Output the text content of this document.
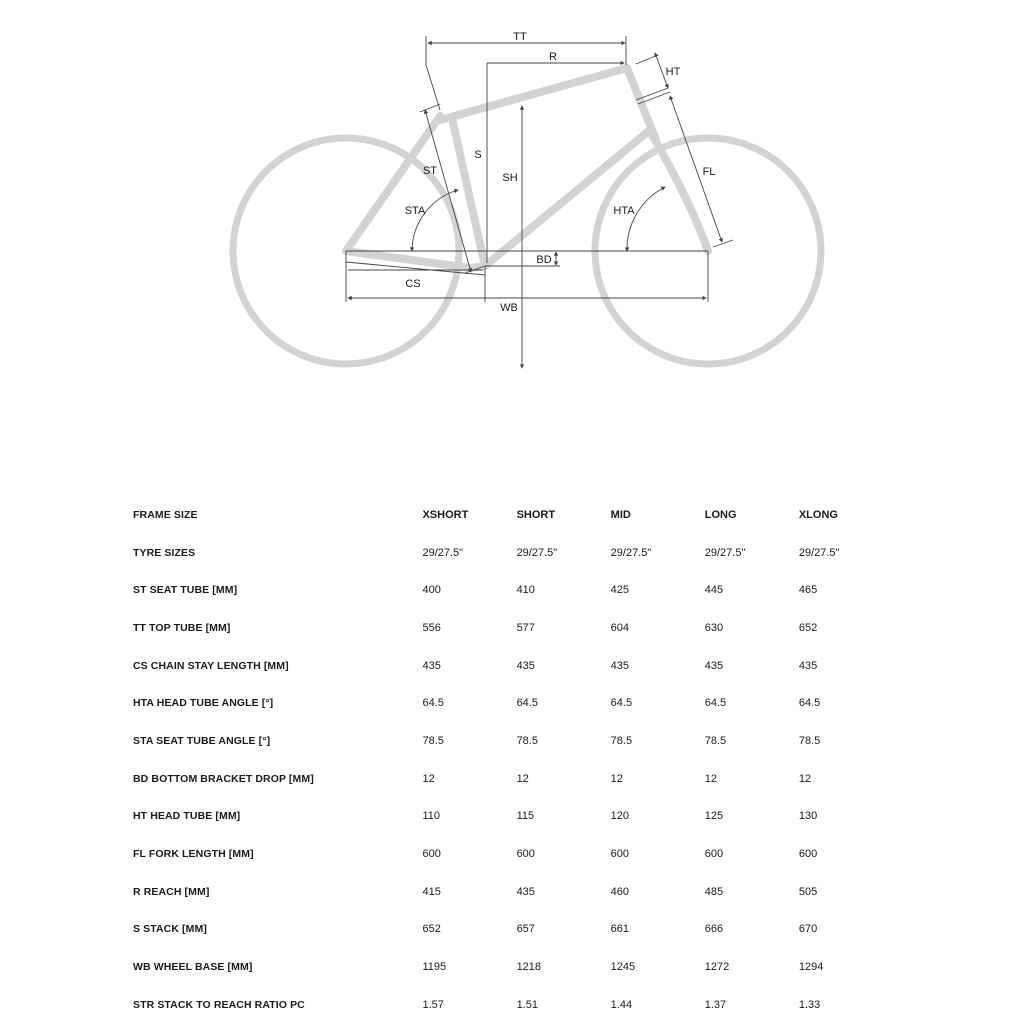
TT
R
HT
S
ST
SH	FL
STA	HTA
BD
CS
WB
FRAME SIZE	XSHORT	SHORT	MID	LONG	XLONG
TYRE SIZES	29/27.5"	29/27.5"	29/27.5"	29/27.5"	29/27.5"
ST SEAT TUBE [MM]	400	410	425	445	465
TT TOP TUBE [MM]	556	577	604	630	652
CS CHAIN STAY LENGTH [MM]	435	435	435	435	435
HTA HEAD TUBE ANGLE [°]	64.5	64.5	64.5	64.5	64.5
STA SEAT TUBE ANGLE [°]	78.5	78.5	78.5	78.5	78.5
BD BOTTOM BRACKET DROP [MM]	12	12	12	12	12
HT HEAD TUBE [MM]	110	115	120	125	130
FL FORK LENGTH [MM]	600	600	600	600	600
R REACH [MM]	415	435	460	485	505
S STACK [MM]	652	657	661	666	670
WB WHEEL BASE [MM]	1195	1218	1245	1272	1294
STR STACK TO REACH RATIO PC	1.57	1.51	1.44	1.37	1.33
